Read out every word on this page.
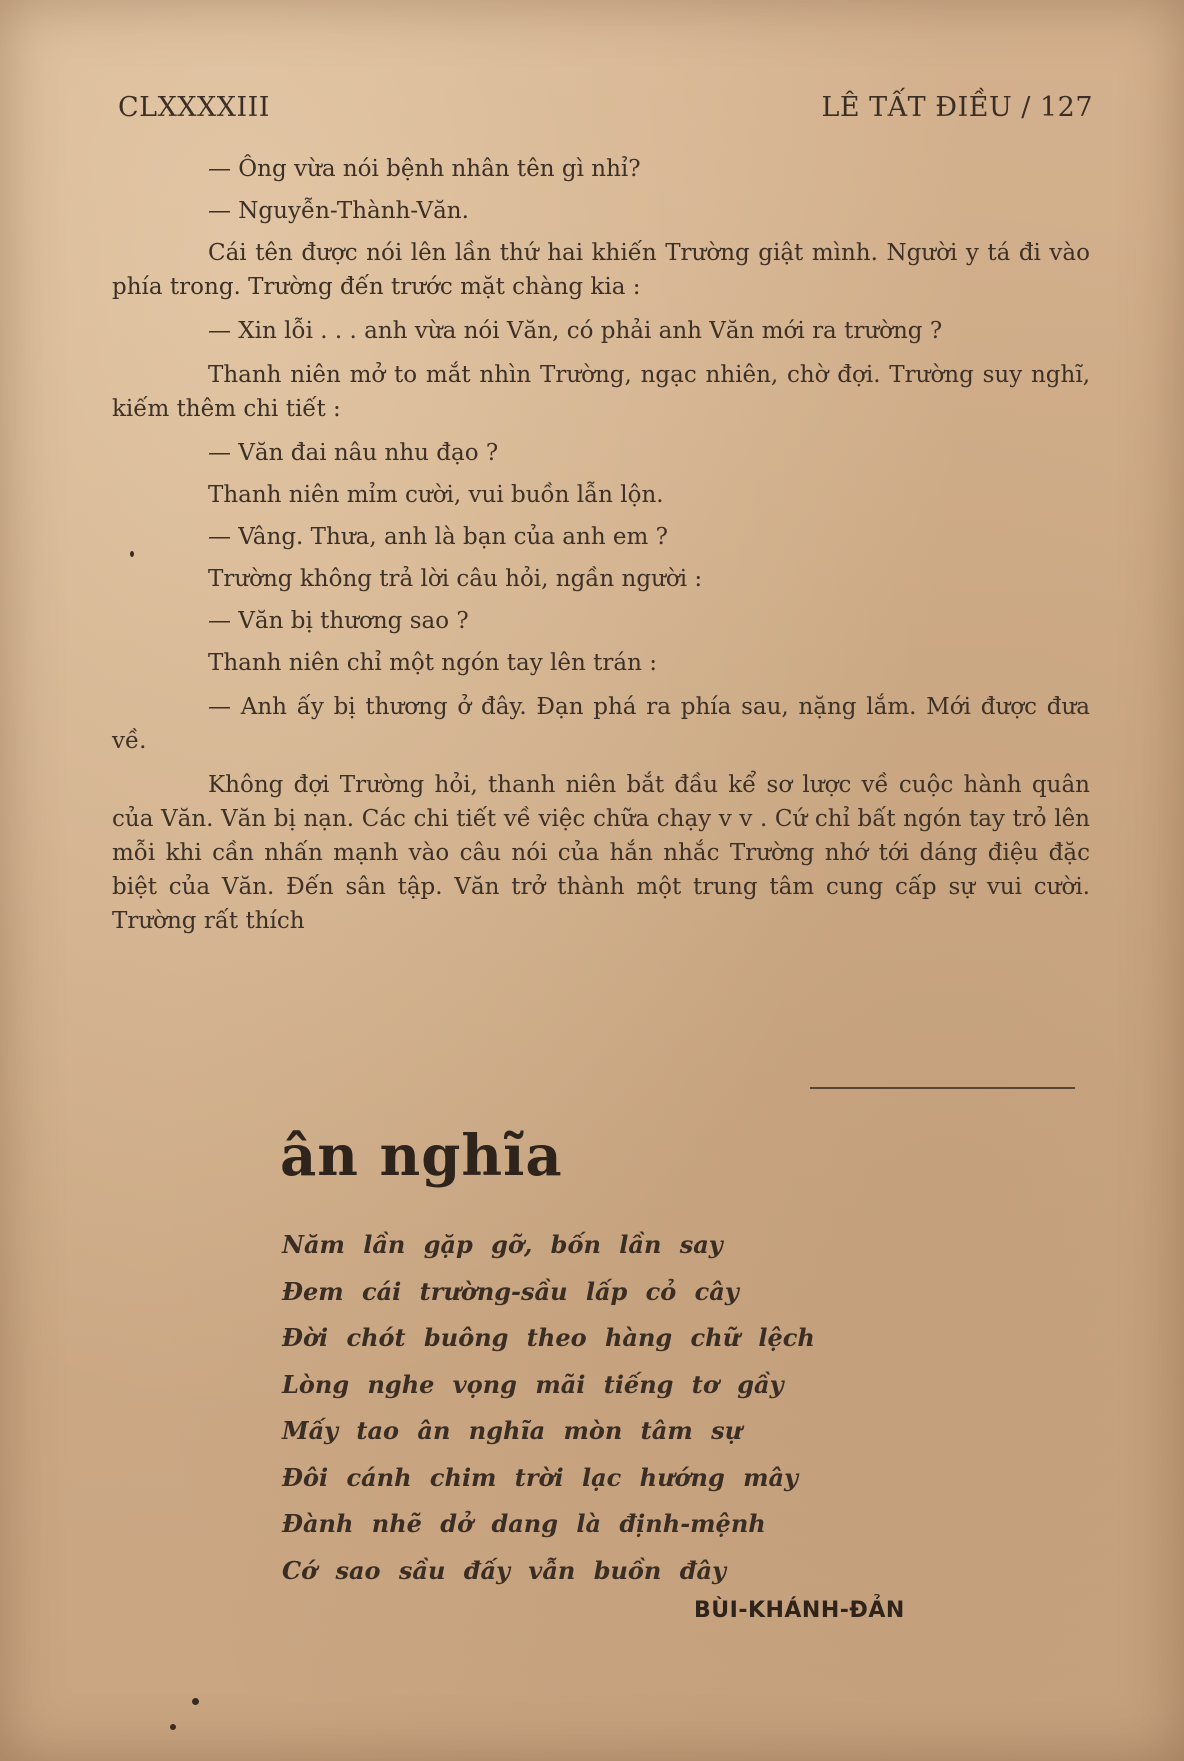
CLXXXXIII	LÊ TẤT ĐIỀU / 127

— Ông vừa nói bệnh nhân tên gì nhỉ?

— Nguyễn-Thành-Văn.

Cái tên được nói lên lần thứ hai khiến Trường giật mình. Người y tá đi vào phía trong. Trường đến trước mặt chàng kia :

— Xin lỗi . . . anh vừa nói Văn, có phải anh Văn mới ra trường ?

Thanh niên mở to mắt nhìn Trường, ngạc nhiên, chờ đợi. Trường suy nghĩ, kiếm thêm chi tiết :

— Văn đai nâu nhu đạo ?

Thanh niên mỉm cười, vui buồn lẫn lộn.

— Vâng. Thưa, anh là bạn của anh em ?

Trường không trả lời câu hỏi, ngần người :

— Văn bị thương sao ?

Thanh niên chỉ một ngón tay lên trán :

— Anh ấy bị thương ở đây. Đạn phá ra phía sau, nặng lắm. Mới được đưa về.

Không đợi Trường hỏi, thanh niên bắt đầu kể sơ lược về cuộc hành quân của Văn. Văn bị nạn. Các chi tiết về việc chữa chạy v v . Cứ chỉ bất ngón tay trỏ lên mỗi khi cần nhấn mạnh vào câu nói của hắn nhắc Trường nhớ tới dáng điệu đặc biệt của Văn. Đến sân tập. Văn trở thành một trung tâm cung cấp sự vui cười. Trường rất thích

ân nghĩa
Năm lần gặp gỡ, bốn lần say
Đem cái trường-sầu lấp cỏ cây
Đời chót buông theo hàng chữ lệch
Lòng nghe vọng mãi tiếng tơ gầy
Mấy tao ân nghĩa mòn tâm sự
Đôi cánh chim trời lạc hướng mây
Đành nhẽ dở dang là định-mệnh
Cớ sao sầu đấy vẫn buồn đây
BÙI-KHÁNH-ĐẢN
